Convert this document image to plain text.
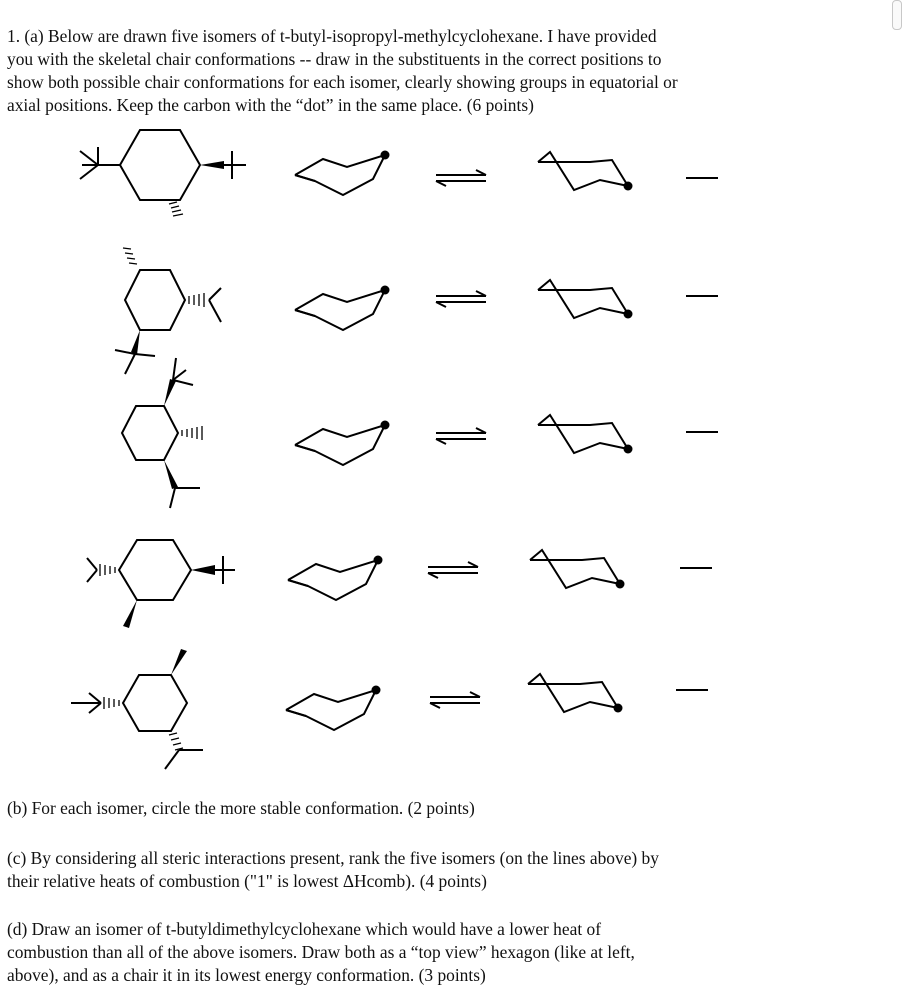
1. (a) Below are drawn five isomers of t-butyl-isopropyl-methylcyclohexane. I have provided
you with the skeletal chair conformations -- draw in the substituents in the correct positions to
show both possible chair conformations for each isomer, clearly showing groups in equatorial or
axial positions. Keep the carbon with the “dot” in the same place. (6 points)

(b) For each isomer, circle the more stable conformation. (2 points)

(c) By considering all steric interactions present, rank the five isomers (on the lines above) by
their relative heats of combustion ("1" is lowest ΔHcomb). (4 points)
(d) Draw an isomer of t-butyldimethylcyclohexane which would have a lower heat of
combustion than all of the above isomers. Draw both as a “top view” hexagon (like at left,
above), and as a chair it in its lowest energy conformation. (3 points)
